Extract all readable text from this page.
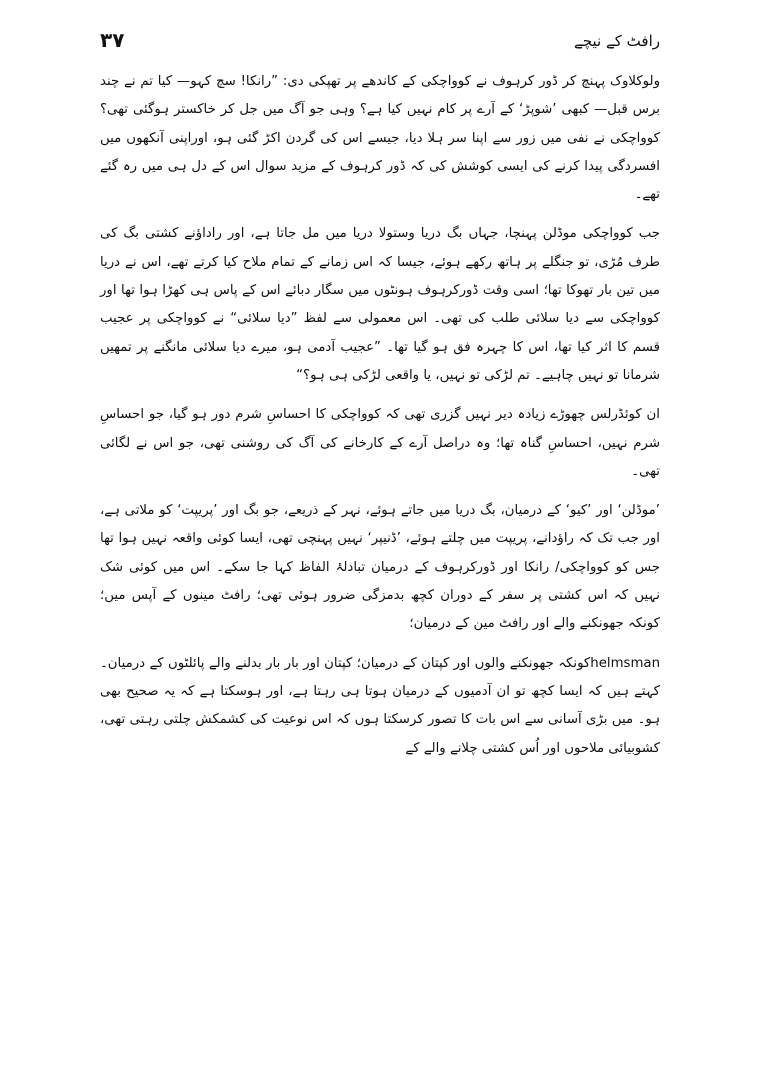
رافٹ کے نیچے
۳۷

ولوکلاوک پہنچ کر ڈور کرہوف نے کوواچکی کے کاندھے پر تھپکی دی: ”رانکا! سچ کہو— کیا تم نے چند برس قبل— کبھی ’شوپڑ‘ کے آرے پر کام نہیں کیا ہے؟ وہی جو آگ میں جل کر خاکستر ہوگئی تھی؟ کوواچکی نے نفی میں زور سے اپنا سر ہلا دیا، جیسے اس کی گردن اکڑ گئی ہو، اوراپنی آنکھوں میں افسردگی پیدا کرنے کی ایسی کوشش کی کہ ڈور کرہوف کے مزید سوال اس کے دل ہی میں رہ گئے تھے۔

جب کوواچکی موڈلن پہنچا، جہاں بگ دریا وستولا دریا میں مل جاتا ہے، اور راداؤنے کشتی بگ کی طرف مُڑی، تو جنگلے پر ہاتھ رکھے ہوئے، جیسا کہ اس زمانے کے تمام ملاح کیا کرتے تھے، اس نے دریا میں تین بار تھوکا تھا؛ اسی وقت ڈورکرہوف ہونٹوں میں سگار دبائے اس کے پاس ہی کھڑا ہوا تھا اور کوواچکی سے دیا سلائی طلب کی تھی۔ اس معمولی سے لفظ ”دیا سلائی“ نے کوواچکی پر عجیب قسم کا اثر کیا تھا، اس کا چہرہ فق ہو گیا تھا۔ ”عجیب آدمی ہو، میرے دیا سلائی مانگنے پر تمھیں شرمانا تو نہیں چاہیے۔ تم لڑکی تو نہیں، یا واقعی لڑکی ہی ہو؟“

ان کوئڈرلس چھوڑے زیادہ دیر نہیں گزری تھی کہ کوواچکی کا احساسِ شرم دور ہو گیا، جو احساسِ شرم نہیں، احساسِ گناہ تھا؛ وہ دراصل آرے کے کارخانے کی آگ کی روشنی تھی، جو اس نے لگائی تھی۔

’موڈلن‘ اور ’کیو‘ کے درمیان، بگ دریا میں جاتے ہوئے، نہر کے ذریعے، جو بگ اور ’پریپت‘ کو ملاتی ہے، اور جب تک کہ راؤدانے، پریپت میں چلتے ہوئے، ’ڈنیپر‘ نہیں پہنچی تھی، ایسا کوئی واقعہ نہیں ہوا تھا جس کو کوواچکی/ رانکا اور ڈورکرہوف کے درمیان تبادلۂ الفاظ کہا جا سکے۔ اس میں کوئی شک نہیں کہ اس کشتی پر سفر کے دوران کچھ بدمزگی ضرور ہوئی تھی؛ رافٹ مینوں کے آپس میں؛ کونکہ جھونکنے والے اور رافٹ مین کے درمیان؛

helmsmanکونکہ جھونکنے والوں اور کپتان کے درمیان؛ کپتان اور بار بار بدلنے والے پائلٹوں کے درمیان۔ کہتے ہیں کہ ایسا کچھ تو ان آدمیوں کے درمیان ہوتا ہی رہتا ہے، اور ہوسکتا ہے کہ یہ صحیح بھی ہو۔ میں بڑی آسانی سے اس بات کا تصور کرسکتا ہوں کہ اس نوعیت کی کشمکش چلتی رہتی تھی، کشوبیائی ملاحوں اور اُس کشتی چلانے والے کے
